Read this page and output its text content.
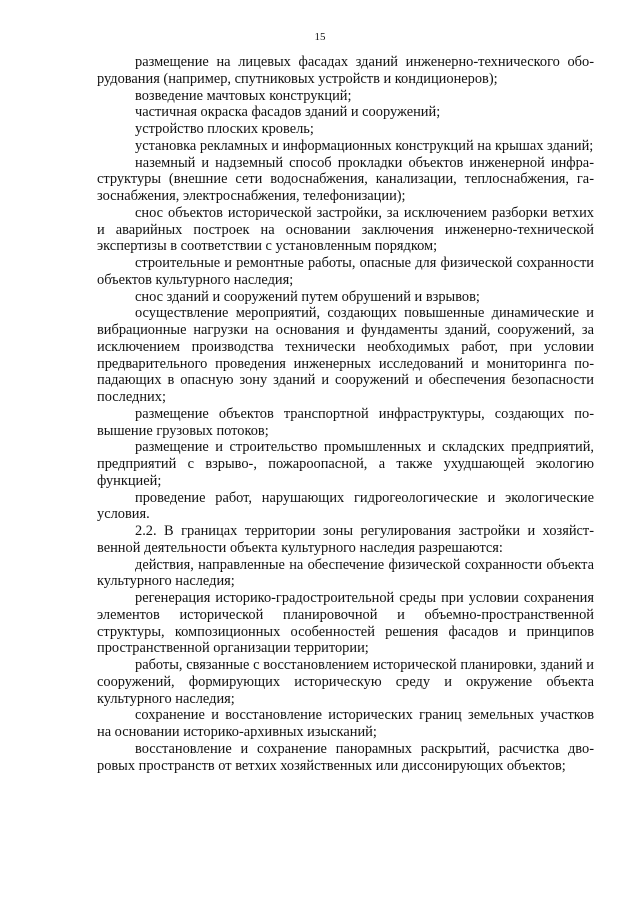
15

размещение на лицевых фасадах зданий инженерно-технического оборудования (например, спутниковых устройств и кондиционеров);

возведение мачтовых конструкций;

частичная окраска фасадов зданий и сооружений;

устройство плоских кровель;

установка рекламных и информационных конструкций на крышах зданий;

наземный и надземный способ прокладки объектов инженерной инфраструктуры (внешние сети водоснабжения, канализации, теплоснабжения, газоснабжения, электроснабжения, телефонизации);

снос объектов исторической застройки, за исключением разборки ветхих и аварийных построек на основании заключения инженерно-технической экспертизы в соответствии с установленным порядком;

строительные и ремонтные работы, опасные для физической сохранности объектов культурного наследия;

снос зданий и сооружений путем обрушений и взрывов;

осуществление мероприятий, создающих повышенные динамические и вибрационные нагрузки на основания и фундаменты зданий, сооружений, за исключением производства технически необходимых работ, при условии предварительного проведения инженерных исследований и мониторинга попадающих в опасную зону зданий и сооружений и обеспечения безопасности последних;

размещение объектов транспортной инфраструктуры, создающих повышение грузовых потоков;

размещение и строительство промышленных и складских предприятий, предприятий с взрыво-, пожароопасной, а также ухудшающей экологию функцией;

проведение работ, нарушающих гидрогеологические и экологические условия.

2.2. В границах территории зоны регулирования застройки и хозяйственной деятельности объекта культурного наследия разрешаются:

действия, направленные на обеспечение физической сохранности объекта культурного наследия;

регенерация историко-градостроительной среды при условии сохранения элементов исторической планировочной и объемно-пространственной структуры, композиционных особенностей решения фасадов и принципов пространственной организации территории;

работы, связанные с восстановлением исторической планировки, зданий и сооружений, формирующих историческую среду и окружение объекта культурного наследия;

сохранение и восстановление исторических границ земельных участков на основании историко-архивных изысканий;

восстановление и сохранение панорамных раскрытий, расчистка дворовых пространств от ветхих хозяйственных или диссонирующих объектов;
